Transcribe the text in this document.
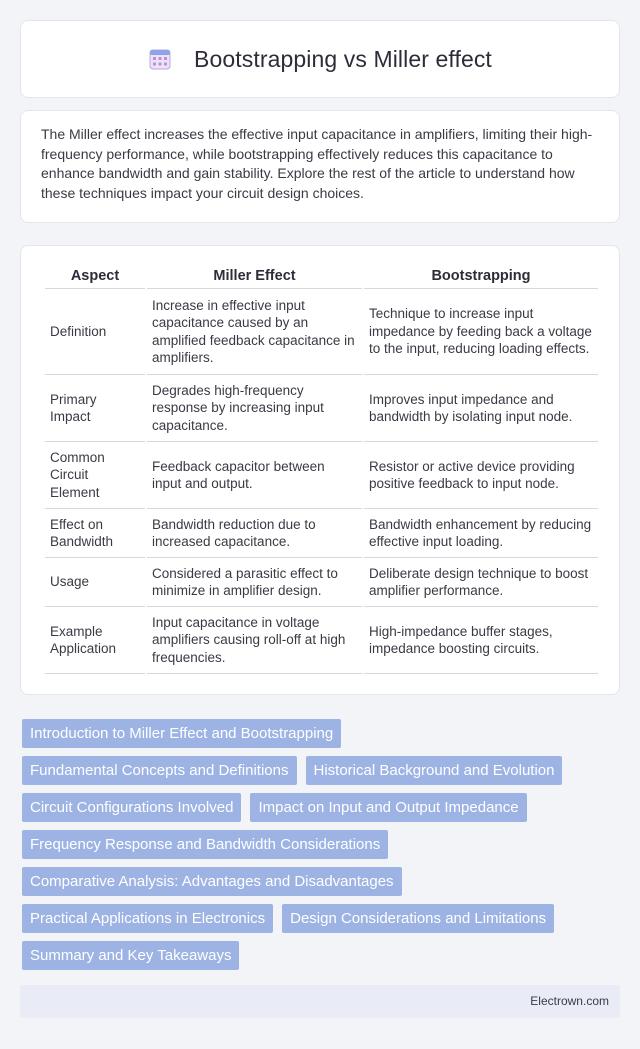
Bootstrapping vs Miller effect

The Miller effect increases the effective input capacitance in amplifiers, limiting their high-frequency performance, while bootstrapping effectively reduces this capacitance to enhance bandwidth and gain stability. Explore the rest of the article to understand how these techniques impact your circuit design choices.

Aspect	Miller Effect	Bootstrapping
Definition	Increase in effective input capacitance caused by an amplified feedback capacitance in amplifiers.	Technique to increase input impedance by feeding back a voltage to the input, reducing loading effects.
Primary Impact	Degrades high-frequency response by increasing input capacitance.	Improves input impedance and bandwidth by isolating input node.
Common Circuit Element	Feedback capacitor between input and output.	Resistor or active device providing positive feedback to input node.
Effect on Bandwidth	Bandwidth reduction due to increased capacitance.	Bandwidth enhancement by reducing effective input loading.
Usage	Considered a parasitic effect to minimize in amplifier design.	Deliberate design technique to boost amplifier performance.
Example Application	Input capacitance in voltage amplifiers causing roll-off at high frequencies.	High-impedance buffer stages, impedance boosting circuits.
Introduction to Miller Effect and Bootstrapping
Fundamental Concepts and Definitions	Historical Background and Evolution
Circuit Configurations Involved	Impact on Input and Output Impedance
Frequency Response and Bandwidth Considerations
Comparative Analysis: Advantages and Disadvantages
Practical Applications in Electronics	Design Considerations and Limitations
Summary and Key Takeaways
Electrown.com
